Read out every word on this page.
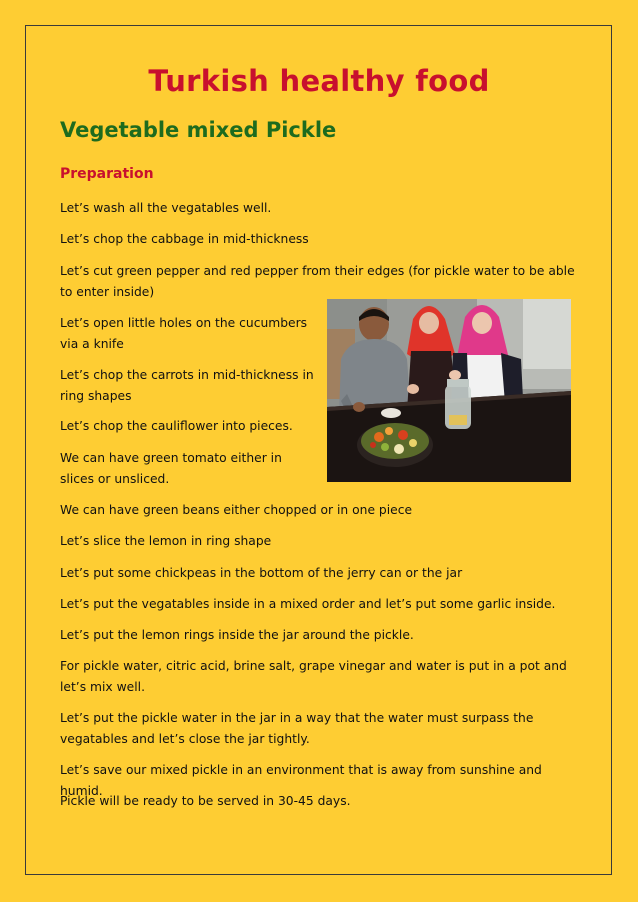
Turkish healthy food
Vegetable mixed Pickle
Preparation

Let’s wash all the vegatables well.

Let’s chop the cabbage in mid-thickness

Let’s cut green pepper and red pepper from their edges (for pickle water to be able to enter inside)

Let’s open little holes on the cucumbers via a knife

Let’s chop the carrots in mid-thickness in ring shapes

Let’s chop the cauliflower into pieces.

We can have green tomato either in slices or unsliced.

We can have green beans either chopped or in one piece

Let’s slice the lemon in ring shape

Let’s put some chickpeas in the bottom of the jerry can or the jar

Let’s put the vegatables inside in a mixed order and let’s put some garlic inside.

Let’s put the lemon rings inside the jar around the pickle.

For pickle water, citric acid, brine salt, grape vinegar and water is put in a pot and let’s mix well.

Let’s put the pickle water in the jar in a way that the water must surpass the vegatables and let’s close the jar tightly.

Let’s save our mixed pickle in an environment that is away from sunshine and humid.

Pickle will be ready to be served in 30-45 days.
